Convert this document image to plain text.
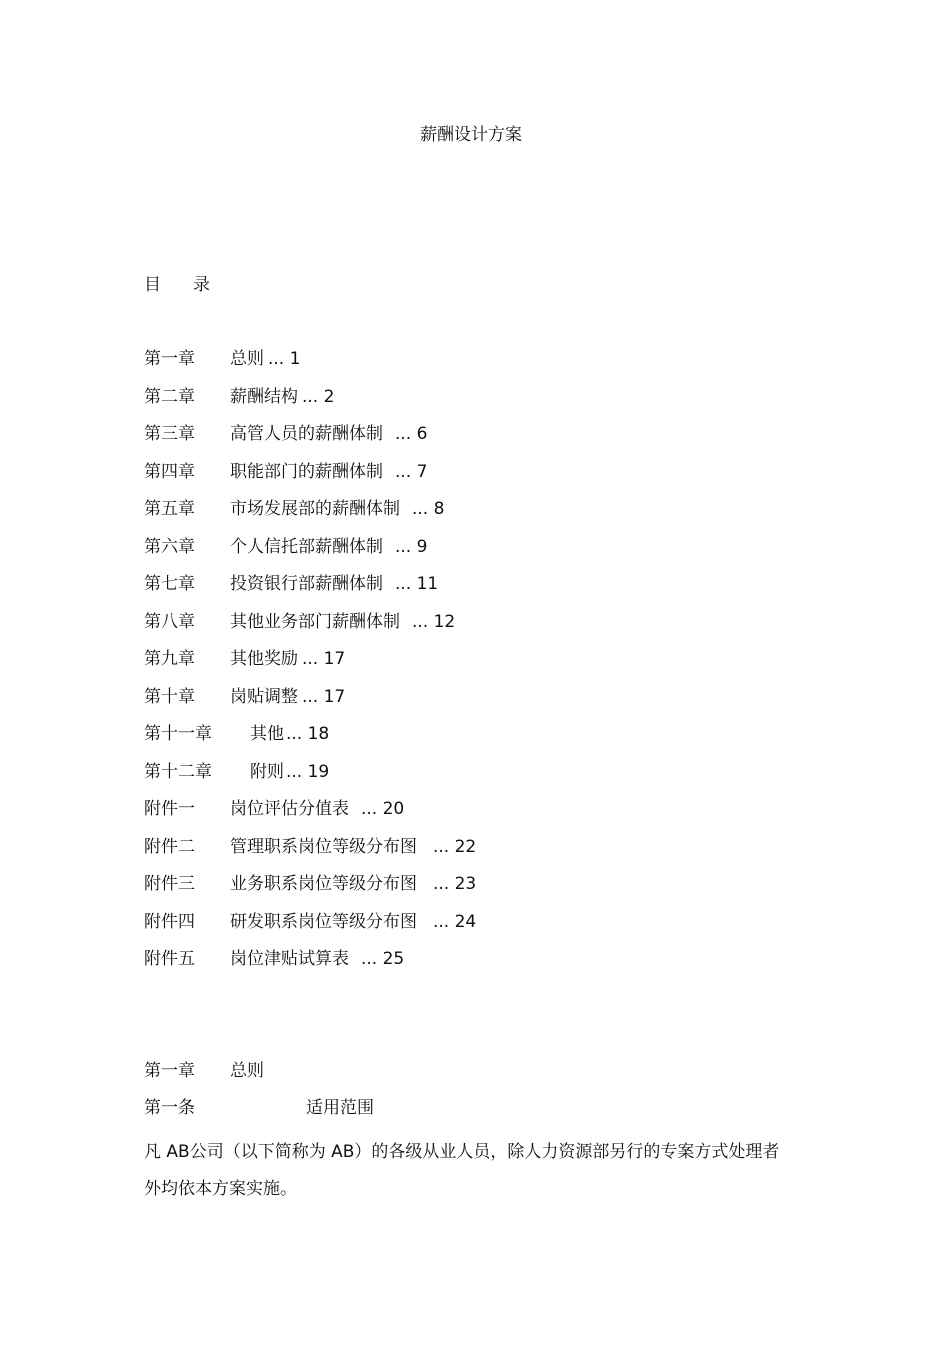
薪酬设计方案
目 录
第一章 总则 ... 1
第二章 薪酬结构 ... 2
第三章 高管人员的薪酬体制 ... 6
第四章 职能部门的薪酬体制 ... 7
第五章 市场发展部的薪酬体制 ... 8
第六章 个人信托部薪酬体制 ... 9
第七章 投资银行部薪酬体制 ... 11
第八章 其他业务部门薪酬体制 ... 12
第九章 其他奖励 ... 17
第十章 岗贴调整 ... 17
第十一章 其他 ... 18
第十二章 附则 ... 19
附件一 岗位评估分值表 ... 20
附件二 管理职系岗位等级分布图 ... 22
附件三 业务职系岗位等级分布图 ... 23
附件四 研发职系岗位等级分布图 ... 24
附件五 岗位津贴试算表 ... 25
第一章 总则
第一条	适用范围

凡 AB公司（以下简称为 AB）的各级从业人员，除人力资源部另行的专案方式处理者外均依本方案实施。
